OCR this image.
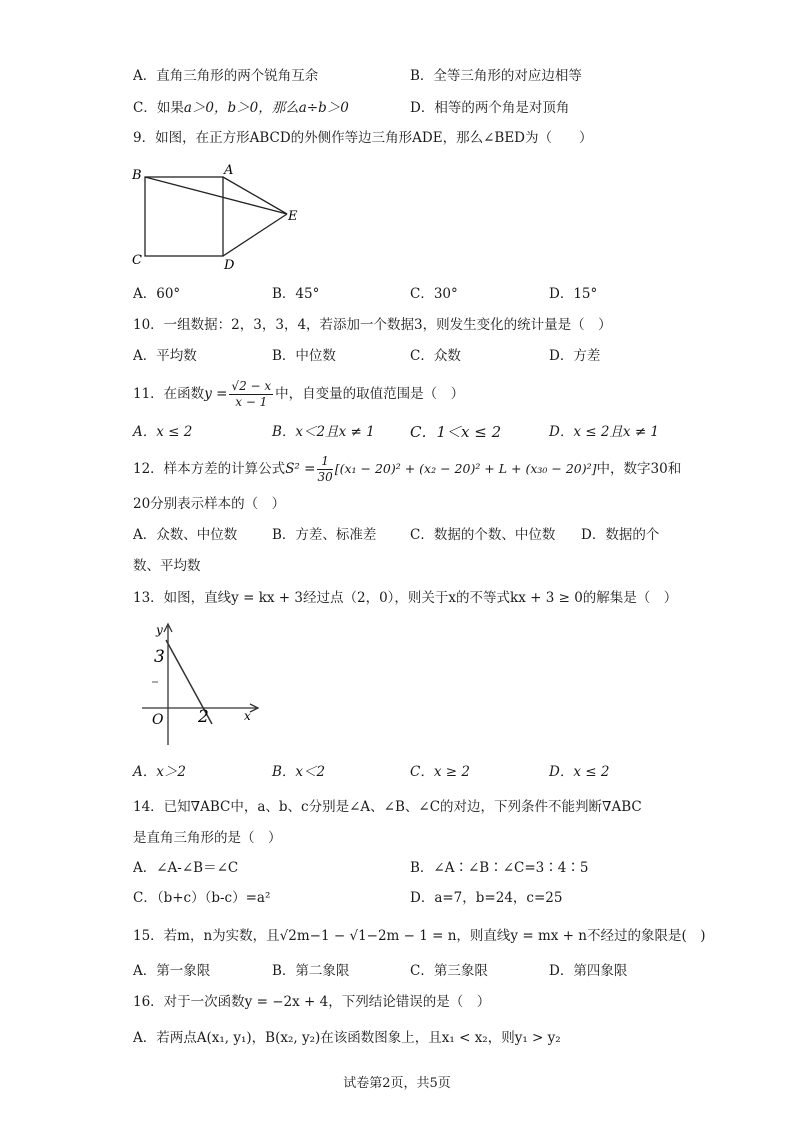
A．直角三角形的两个锐角互余	B．全等三角形的对应边相等
C．如果a＞0，b＞0，那么a÷b＞0	D．相等的两个角是对顶角
9．如图，在正方形ABCD的外侧作等边三角形ADE，那么∠BED为（　　）
B	A
C	D
E
A．60°	B．45°	C．30°	D．15°
10．一组数据：2，3，3，4，若添加一个数据3，则发生变化的统计量是（　）
A．平均数	B．中位数	C．众数	D．方差
11．在函数$y = \frac{√2 - x}{x - 1}$ 中，自变量的取值范围是（　）
A．x ≤ 2	B．x＜2且x ≠ 1 C．1＜x ≤ 2	D．x ≤ 2且x ≠ 1
12．样本方差的计算公式$S^2 = \frac{1}{30} [(x_1 - 20)^2 + (x_2 - 20)^2 + L + (x_{30} - 20)^2]$中，数字30和
20分别表示样本的（　）
A．众数、中位数	B．方差、标准差 C．数据的个数、中位数 D．数据的个
数、平均数
13．如图，直线y = kx + 3经过点（2，0），则关于x的不等式kx + 3 ≥ 0的解集是（　）
y
3
O 2	x
A．x＞2	B．x＜2	C．x ≥ 2	D．x ≤ 2
14．已知∇ABC中，a、b、c分别是∠A、∠B、∠C的对边，下列条件不能判断∇ABC
是直角三角形的是（　）
A．∠A-∠B＝∠C	B．∠A∶∠B∶∠C=3∶4∶5
C．（b+c）（b-c）=a²	D．a=7，b=24，c=25
15．若m，n为实数，且√2m−1 − √1−2m − 1 = n，则直线y = mx + n不经过的象限是(　)
A．第一象限	B．第二象限	C．第三象限	D．第四象限
16．对于一次函数y = −2x + 4，下列结论错误的是（　）
A．若两点A(x₁, y₁)，B(x₂, y₂)在该函数图象上，且x₁ < x₂，则y₁ > y₂
试卷第2页，共5页
